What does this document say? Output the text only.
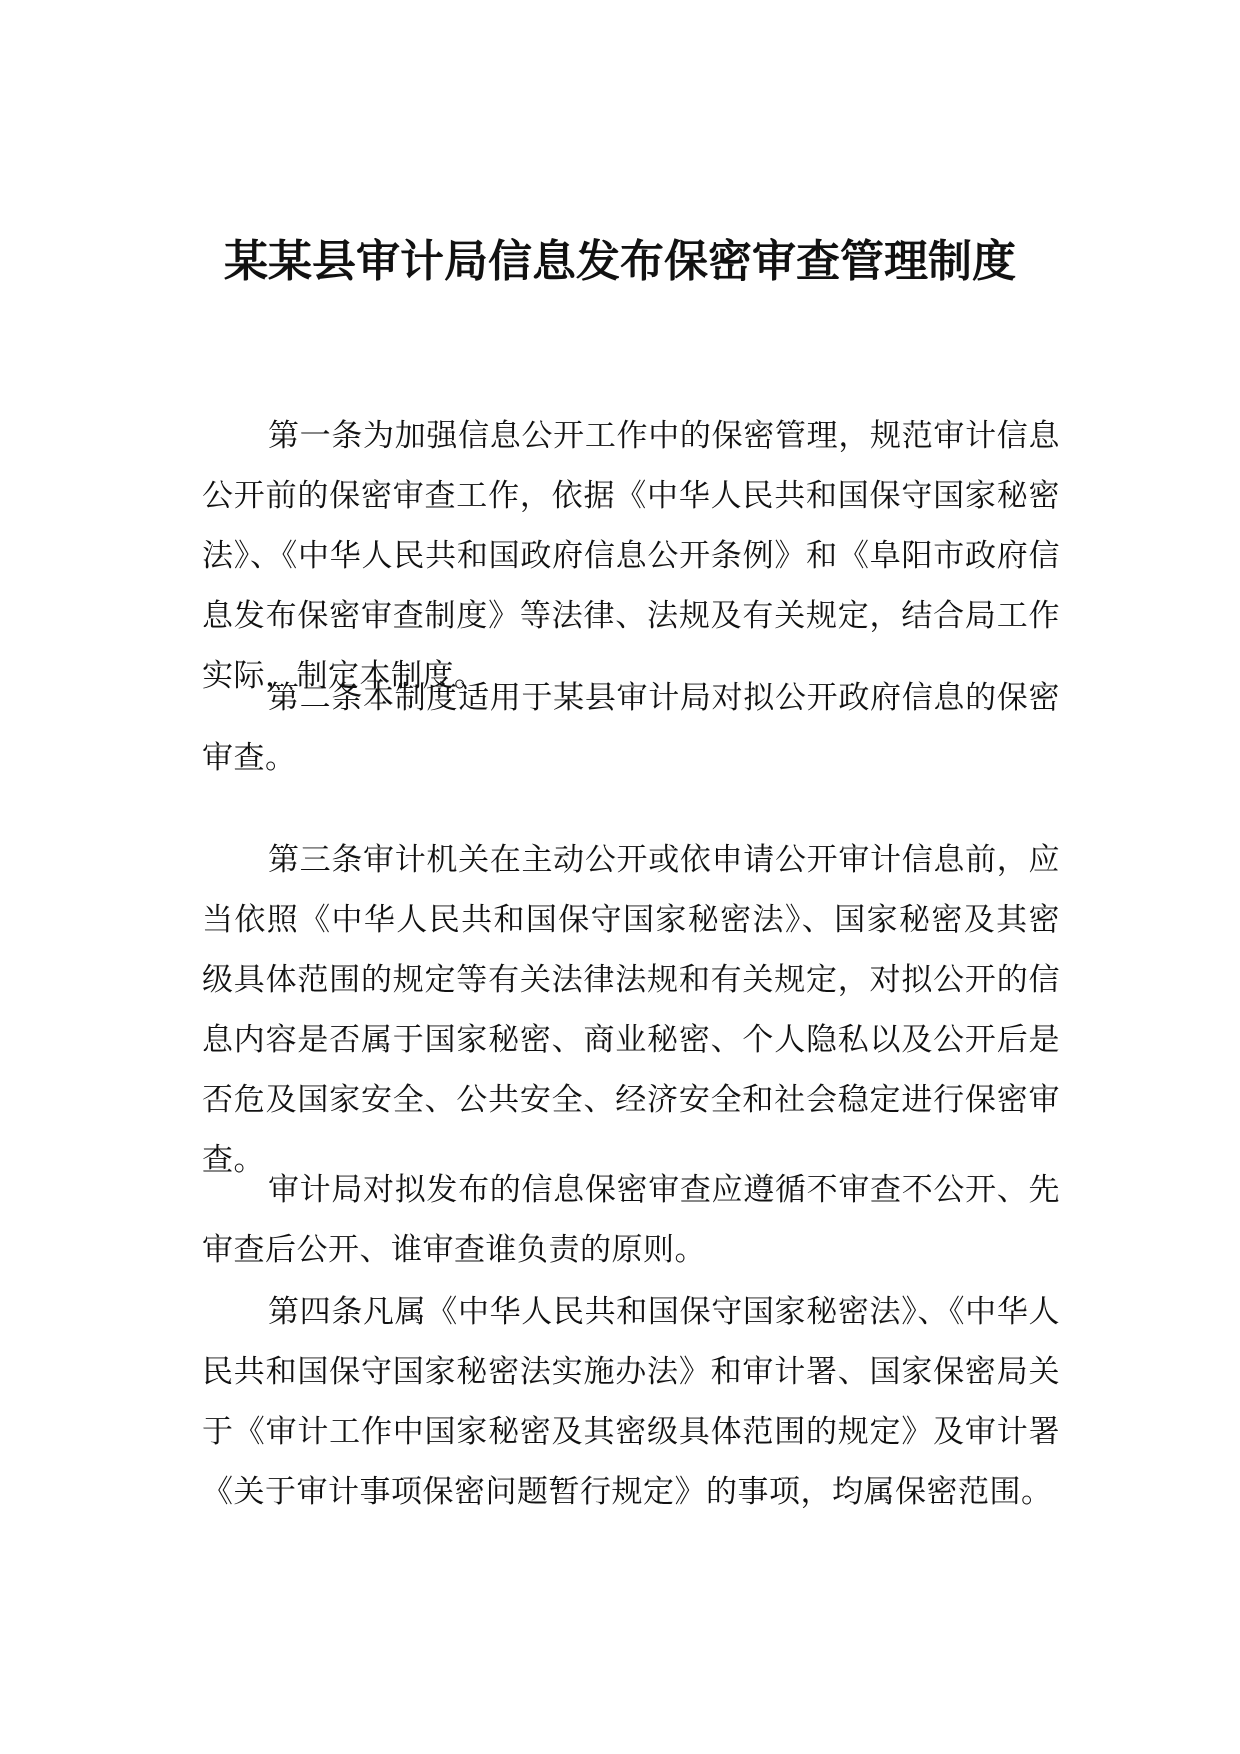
某某县审计局信息发布保密审查管理制度

第一条为加强信息公开工作中的保密管理，规范审计信息公开前的保密审查工作，依据《中华人民共和国保守国家秘密法》、《中华人民共和国政府信息公开条例》和《阜阳市政府信息发布保密审查制度》等法律、法规及有关规定，结合局工作实际，制定本制度。

第二条本制度适用于某县审计局对拟公开政府信息的保密审查。

第三条审计机关在主动公开或依申请公开审计信息前，应当依照《中华人民共和国保守国家秘密法》、国家秘密及其密级具体范围的规定等有关法律法规和有关规定，对拟公开的信息内容是否属于国家秘密、商业秘密、个人隐私以及公开后是否危及国家安全、公共安全、经济安全和社会稳定进行保密审查。

审计局对拟发布的信息保密审查应遵循不审查不公开、先审查后公开、谁审查谁负责的原则。

第四条凡属《中华人民共和国保守国家秘密法》、《中华人民共和国保守国家秘密法实施办法》和审计署、国家保密局关于《审计工作中国家秘密及其密级具体范围的规定》及审计署《关于审计事项保密问题暂行规定》的事项，均属保密范围。
